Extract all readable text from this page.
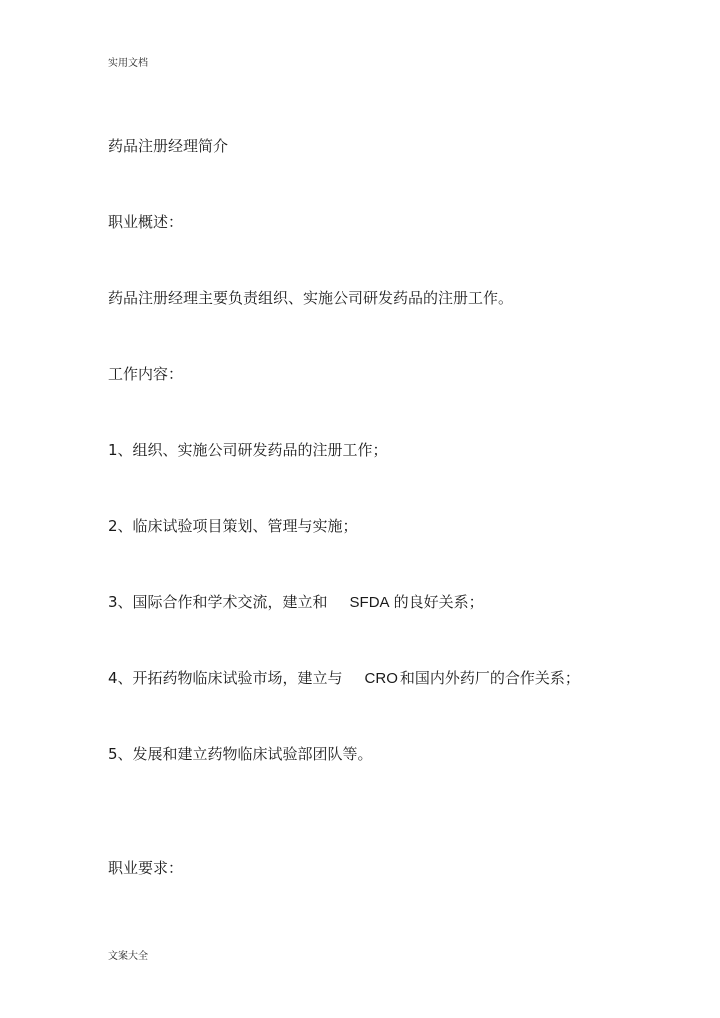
实用文档
药品注册经理简介
职业概述：
药品注册经理主要负责组织、实施公司研发药品的注册工作。
工作内容：
1、组织、实施公司研发药品的注册工作；
2、临床试验项目策划、管理与实施；
3、国际合作和学术交流，建立和 SFDA 的良好关系；
4、开拓药物临床试验市场，建立与 CRO 和国内外药厂的合作关系；
5、发展和建立药物临床试验部团队等。
职业要求：
文案大全
